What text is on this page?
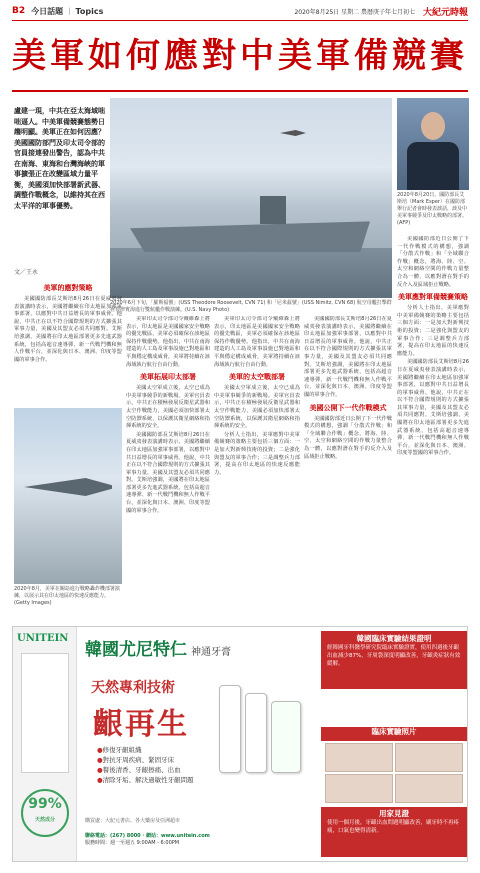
B2 今日話題 | Topics	2020年8月25日 星期二 農曆庚子年七月初七 大紀元時報
美軍如何應對中美軍備競賽
盧建一現，中共在亞太海域咄咄逼人。中美軍備競賽態勢日趨明顯。美軍正在如何因應？美國國防部門及印太司令部的官員接連發出警告，認為中共在南海、東海和台灣海峽的軍事擴張正在改變區域力量平衡，美國須加快部署新武器、調整作戰概念，以維持其在西太平洋的軍事優勢。
2020年6月下旬，「羅斯福號」(USS Theodore Roosevelt, CVN 71) 和「尼米茲號」(USS Nimitz, CVN 68) 航空母艦打擊群在菲律賓海進行雙航艦作戰演練。(U.S. Navy Photo)
2020年8月20日，國防部長艾斯培（Mark Esper）在國防部舉行記者會時發表談話，談及中美軍事競爭及印太戰略的部署。(AFP)

美國國防部近日公開了下一代作戰模式的構想，強調「分散式作戰」和「全域聯合作戰」概念，將海、陸、空、太空和網絡空間的作戰力量整合為一體，以應對潛在對手的反介入及區域拒止戰略。

美軍應對軍備競賽策略

分析人士指出，美軍應對中美軍備競賽的策略主要包括三個方面：一是加大對新興技術的投資；二是強化與盟友的軍事合作；三是調整兵力部署，提高在印太地區的快速反應能力。

美國國防部長艾斯培8月26日在夏威夷發表演講時表示，美國將繼續在印太地區加強軍事部署，以應對中共日益增長的軍事威脅。他說，中共正在以不符合國際規則的方式擴張其軍事力量，美國及其盟友必須共同應對。艾斯培強調，美國將在印太地區部署更多先進武器系統，包括高超音速導彈、新一代戰鬥機和無人作戰平台，並深化與日本、澳洲、印度等盟國的軍事合作。

文／王永
美軍的應對策略

美國國防部長艾斯培8月26日在夏威夷發表演講時表示，美國將繼續在印太地區加強軍事部署，以應對中共日益增長的軍事威脅。他說，中共正在以不符合國際規則的方式擴張其軍事力量，美國及其盟友必須共同應對。艾斯培強調，美國將在印太地區部署更多先進武器系統，包括高超音速導彈、新一代戰鬥機和無人作戰平台，並深化與日本、澳洲、印度等盟國的軍事合作。

2020年8月，美軍在關島進行戰略轟炸機部署演練，以展示其在印太地區的快速反應能力。(Getty Images)

美軍印太司令部司令戴維森上將表示，印太地區是美國國家安全戰略的優先戰區，美軍必須確保在該地區保持作戰優勢。他指出，中共在南海建造的人工島及軍事設施已對地區和平與穩定構成威脅，美軍將持續在該海域執行航行自由行動。

美軍拓展印太部署

美國太空軍成立後，太空已成為中美軍事競爭的新戰場。美軍官員表示，中共正在積極發展反衛星武器和太空作戰能力，美國必須加快部署太空防禦系統，以保護其衛星網絡和指揮系統的安全。

美國國防部長艾斯培8月26日在夏威夷發表演講時表示，美國將繼續在印太地區加強軍事部署，以應對中共日益增長的軍事威脅。他說，中共正在以不符合國際規則的方式擴張其軍事力量，美國及其盟友必須共同應對。艾斯培強調，美國將在印太地區部署更多先進武器系統，包括高超音速導彈、新一代戰鬥機和無人作戰平台，並深化與日本、澳洲、印度等盟國的軍事合作。

美軍印太司令部司令戴維森上將表示，印太地區是美國國家安全戰略的優先戰區，美軍必須確保在該地區保持作戰優勢。他指出，中共在南海建造的人工島及軍事設施已對地區和平與穩定構成威脅，美軍將持續在該海域執行航行自由行動。

美軍的太空戰部署

美國太空軍成立後，太空已成為中美軍事競爭的新戰場。美軍官員表示，中共正在積極發展反衛星武器和太空作戰能力，美國必須加快部署太空防禦系統，以保護其衛星網絡和指揮系統的安全。

分析人士指出，美軍應對中美軍備競賽的策略主要包括三個方面：一是加大對新興技術的投資；二是強化與盟友的軍事合作；三是調整兵力部署，提高在印太地區的快速反應能力。

美國國防部長艾斯培8月26日在夏威夷發表演講時表示，美國將繼續在印太地區加強軍事部署，以應對中共日益增長的軍事威脅。他說，中共正在以不符合國際規則的方式擴張其軍事力量，美國及其盟友必須共同應對。艾斯培強調，美國將在印太地區部署更多先進武器系統，包括高超音速導彈、新一代戰鬥機和無人作戰平台，並深化與日本、澳洲、印度等盟國的軍事合作。

美國公開下一代作戰模式

美國國防部近日公開了下一代作戰模式的構想，強調「分散式作戰」和「全域聯合作戰」概念，將海、陸、空、太空和網絡空間的作戰力量整合為一體，以應對潛在對手的反介入及區域拒止戰略。

UNITEIN
99%
天然成分
韓國尤尼特仁 神通牙膏
天然專利技術
齦再生
● 修復牙齦組織
● 對抗牙周疾病、緊固牙床
● 餐後清香、牙齦擦痛、出血
● 清除牙垢、解決過敏性牙齦問題
購買處：大紀元書店、各大藥房及亞洲超市
聯絡電話：(267) 8000 · 網站：www.unitein.com
服務時間：週一至週五 9:00AM - 6:00PM
韓國臨床實驗結果證明
經韓國牙科醫學研究院臨床實驗證實，使用四週後牙齦出血減少87%，牙周袋深度明顯改善，牙齦炎症狀有效緩解。
臨床實驗照片
用家見證
使用一個月後，牙齦出血問題明顯改善，刷牙時不再疼痛，口氣也變得清新。
